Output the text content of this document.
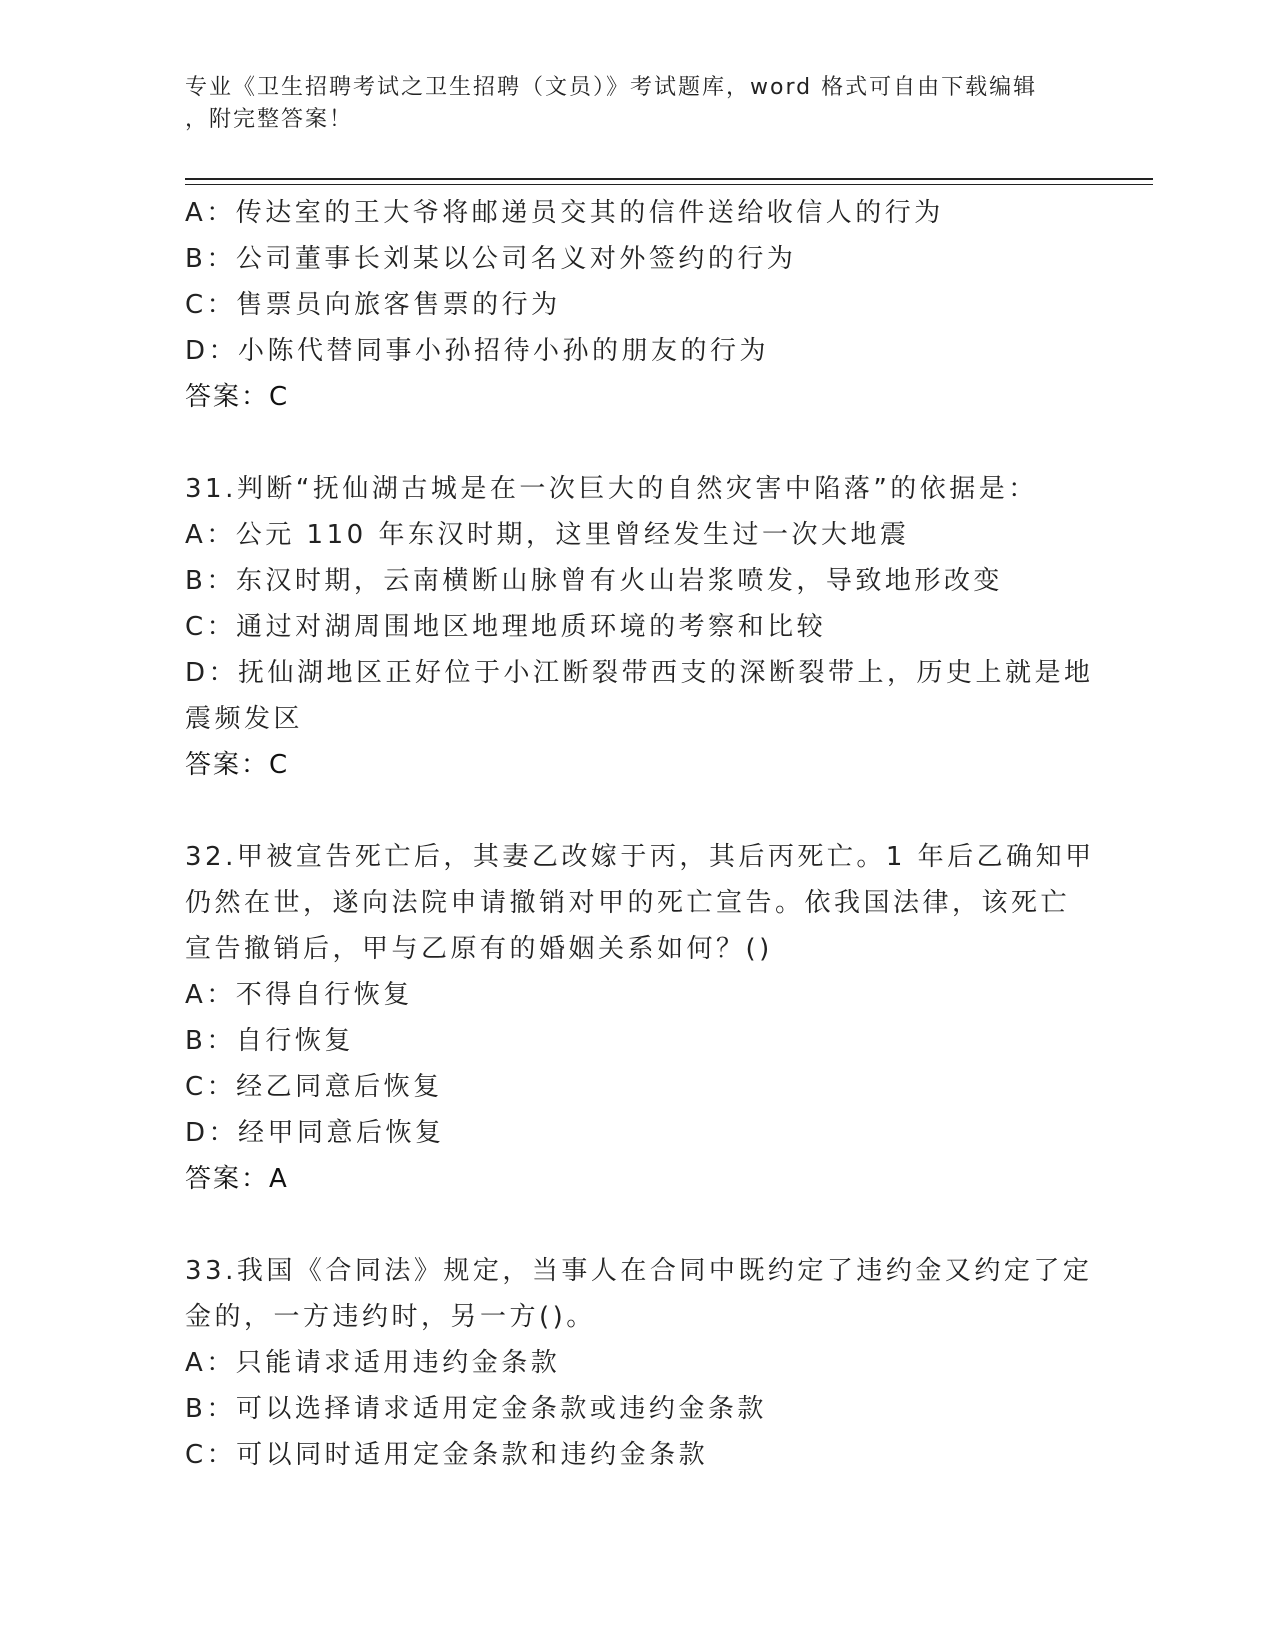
专业《卫生招聘考试之卫生招聘（文员）》考试题库，word 格式可自由下载编辑
，附完整答案！
A：传达室的王大爷将邮递员交其的信件送给收信人的行为
B：公司董事长刘某以公司名义对外签约的行为
C：售票员向旅客售票的行为
D：小陈代替同事小孙招待小孙的朋友的行为
答案：C
31.判断“抚仙湖古城是在一次巨大的自然灾害中陷落”的依据是：
A：公元 110 年东汉时期，这里曾经发生过一次大地震
B：东汉时期，云南横断山脉曾有火山岩浆喷发，导致地形改变
C：通过对湖周围地区地理地质环境的考察和比较
D：抚仙湖地区正好位于小江断裂带西支的深断裂带上，历史上就是地
震频发区
答案：C
32.甲被宣告死亡后，其妻乙改嫁于丙，其后丙死亡。1 年后乙确知甲
仍然在世，遂向法院申请撤销对甲的死亡宣告。依我国法律，该死亡
宣告撤销后，甲与乙原有的婚姻关系如何？()
A：不得自行恢复
B：自行恢复
C：经乙同意后恢复
D：经甲同意后恢复
答案：A
33.我国《合同法》规定，当事人在合同中既约定了违约金又约定了定
金的，一方违约时，另一方()。
A：只能请求适用违约金条款
B：可以选择请求适用定金条款或违约金条款
C：可以同时适用定金条款和违约金条款
